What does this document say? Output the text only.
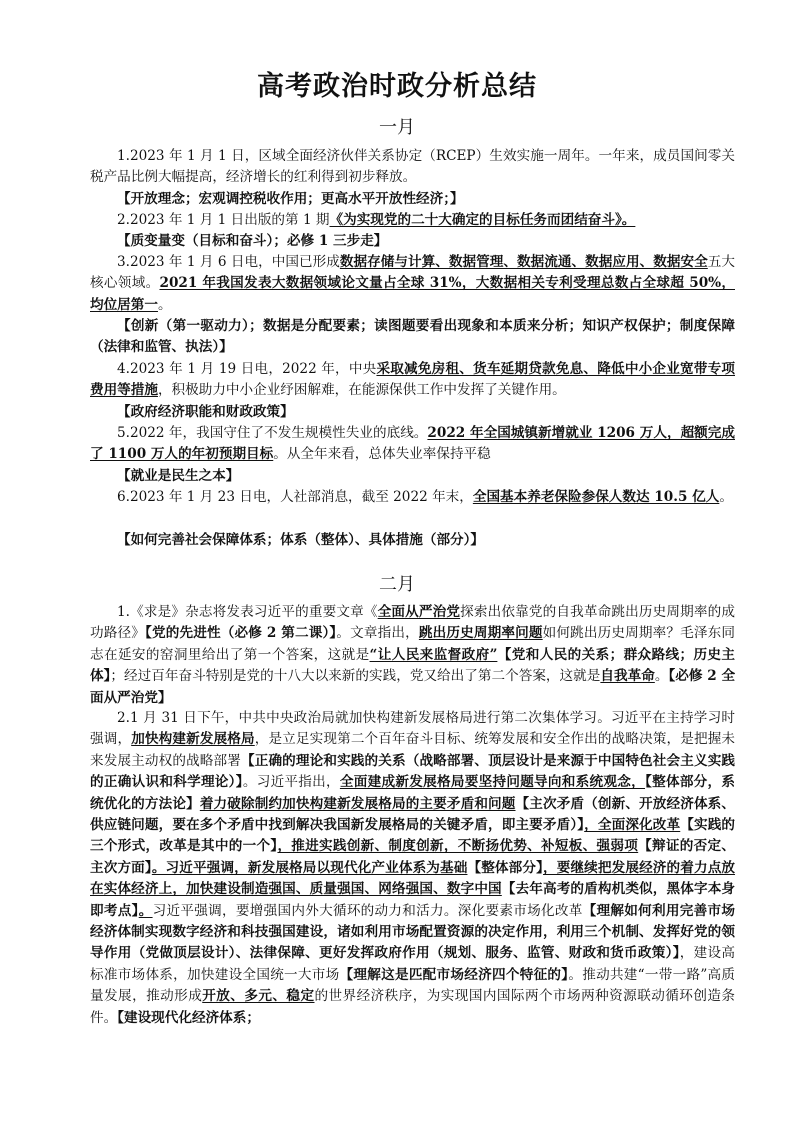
高考政治时政分析总结
一月

1.2023 年 1 月 1 日，区域全面经济伙伴关系协定（RCEP）生效实施一周年。一年来，成员国间零关税产品比例大幅提高，经济增长的红利得到初步释放。

【开放理念；宏观调控税收作用；更高水平开放性经济；】

2.2023 年 1 月 1 日出版的第 1 期《为实现党的二十大确定的目标任务而团结奋斗》。

【质变量变（目标和奋斗）；必修 1 三步走】

3.2023 年 1 月 6 日电，中国已形成数据存储与计算、数据管理、数据流通、数据应用、数据安全五大核心领域。2021 年我国发表大数据领域论文量占全球 31%，大数据相关专利受理总数占全球超 50%，均位居第一。

【创新（第一驱动力）；数据是分配要素；读图题要看出现象和本质来分析；知识产权保护；制度保障（法律和监管、执法）】

4.2023 年 1 月 19 日电，2022 年，中央采取减免房租、货车延期贷款免息、降低中小企业宽带专项费用等措施，积极助力中小企业纾困解难，在能源保供工作中发挥了关键作用。

【政府经济职能和财政政策】

5.2022 年，我国守住了不发生规模性失业的底线。2022 年全国城镇新增就业 1206 万人，超额完成了 1100 万人的年初预期目标。从全年来看，总体失业率保持平稳

【就业是民生之本】

6.2023 年 1 月 23 日电，人社部消息，截至 2022 年末，全国基本养老保险参保人数达 10.5 亿人。

【如何完善社会保障体系；体系（整体）、具体措施（部分）】

二月

1.《求是》杂志将发表习近平的重要文章《全面从严治党探索出依靠党的自我革命跳出历史周期率的成功路径》【党的先进性（必修 2 第二课）】。文章指出，跳出历史周期率问题如何跳出历史周期率？毛泽东同志在延安的窑洞里给出了第一个答案，这就是“让人民来监督政府”【党和人民的关系；群众路线；历史主体】；经过百年奋斗特别是党的十八大以来新的实践，党又给出了第二个答案，这就是自我革命。【必修 2 全面从严治党】

2.1 月 31 日下午，中共中央政治局就加快构建新发展格局进行第二次集体学习。习近平在主持学习时强调，加快构建新发展格局，是立足实现第二个百年奋斗目标、统筹发展和安全作出的战略决策，是把握未来发展主动权的战略部署【正确的理论和实践的关系（战略部署、顶层设计是来源于中国特色社会主义实践的正确认识和科学理论）】。习近平指出，全面建成新发展格局要坚持问题导向和系统观念，【整体部分，系统优化的方法论】着力破除制约加快构建新发展格局的主要矛盾和问题【主次矛盾（创新、开放经济体系、供应链问题，要在多个矛盾中找到解决我国新发展格局的关键矛盾，即主要矛盾）】，全面深化改革【实践的三个形式，改革是其中的一个】，推进实践创新、制度创新，不断扬优势、补短板、强弱项【辩证的否定、主次方面】。习近平强调，新发展格局以现代化产业体系为基础【整体部分】，要继续把发展经济的着力点放在实体经济上，加快建设制造强国、质量强国、网络强国、数字中国【去年高考的盾构机类似，黑体字本身即考点】。习近平强调，要增强国内外大循环的动力和活力。深化要素市场化改革【理解如何利用完善市场经济体制实现数字经济和科技强国建设，诸如利用市场配置资源的决定作用，利用三个机制、发挥好党的领导作用（党做顶层设计）、法律保障、更好发挥政府作用（规划、服务、监管、财政和货币政策）】，建设高标准市场体系，加快建设全国统一大市场【理解这是匹配市场经济四个特征的】。推动共建“一带一路”高质量发展，推动形成开放、多元、稳定的世界经济秩序，为实现国内国际两个市场两种资源联动循环创造条件。【建设现代化经济体系；
